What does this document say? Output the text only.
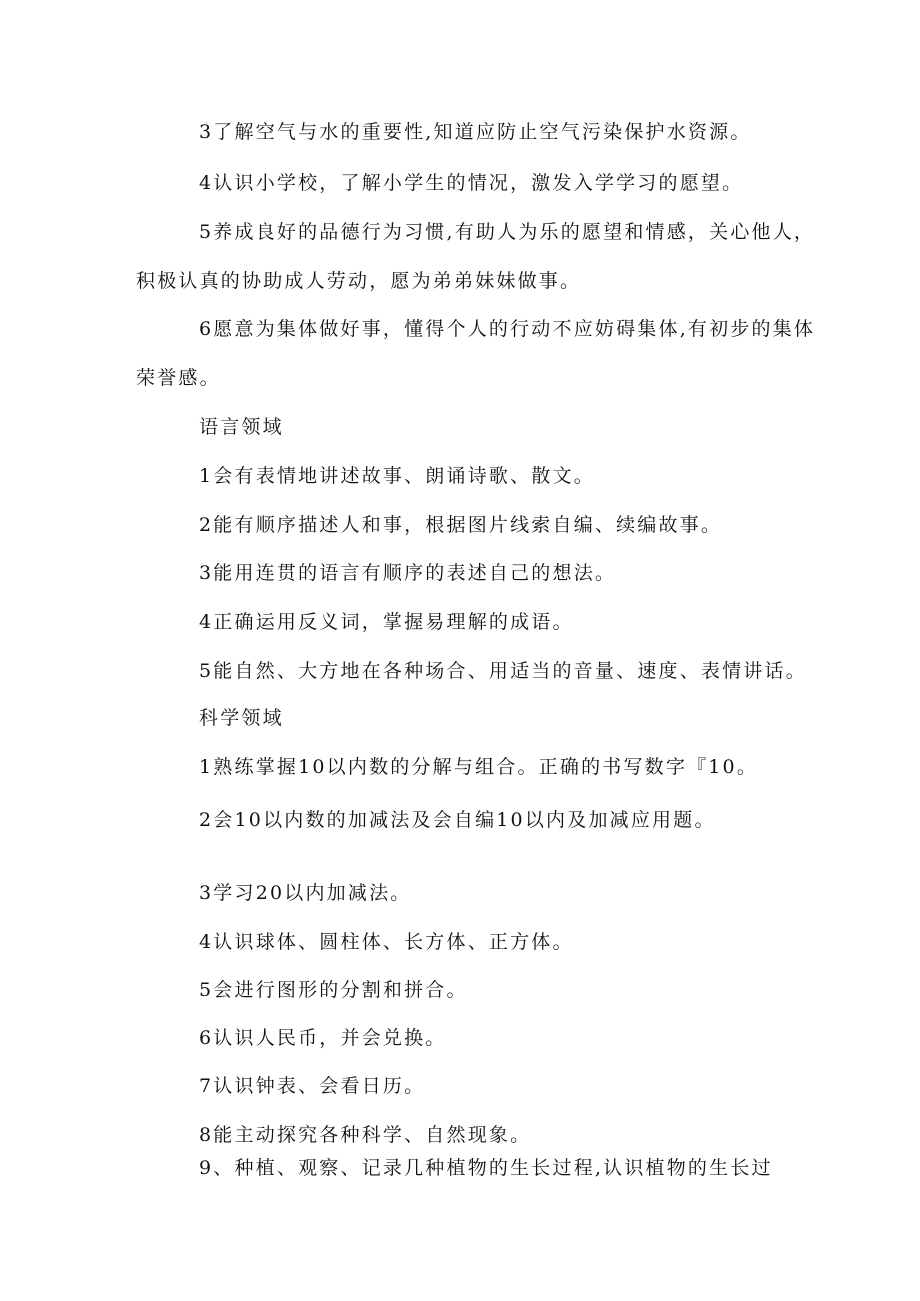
3了解空气与水的重要性,知道应防止空气污染保护水资源。
4认识小学校，了解小学生的情况，激发入学学习的愿望。
5养成良好的品德行为习惯,有助人为乐的愿望和情感，关心他人，
积极认真的协助成人劳动，愿为弟弟妹妹做事。
6愿意为集体做好事，懂得个人的行动不应妨碍集体,有初步的集体
荣誉感。
语言领域
1会有表情地讲述故事、朗诵诗歌、散文。
2能有顺序描述人和事，根据图片线索自编、续编故事。
3能用连贯的语言有顺序的表述自己的想法。
4正确运用反义词，掌握易理解的成语。
5能自然、大方地在各种场合、用适当的音量、速度、表情讲话。
科学领域
1熟练掌握10以内数的分解与组合。正确的书写数字『10。
2会10以内数的加减法及会自编10以内及加减应用题。
3学习20以内加减法。
4认识球体、圆柱体、长方体、正方体。
5会进行图形的分割和拼合。
6认识人民币，并会兑换。
7认识钟表、会看日历。
8能主动探究各种科学、自然现象。
9、种植、观察、记录几种植物的生长过程,认识植物的生长过
